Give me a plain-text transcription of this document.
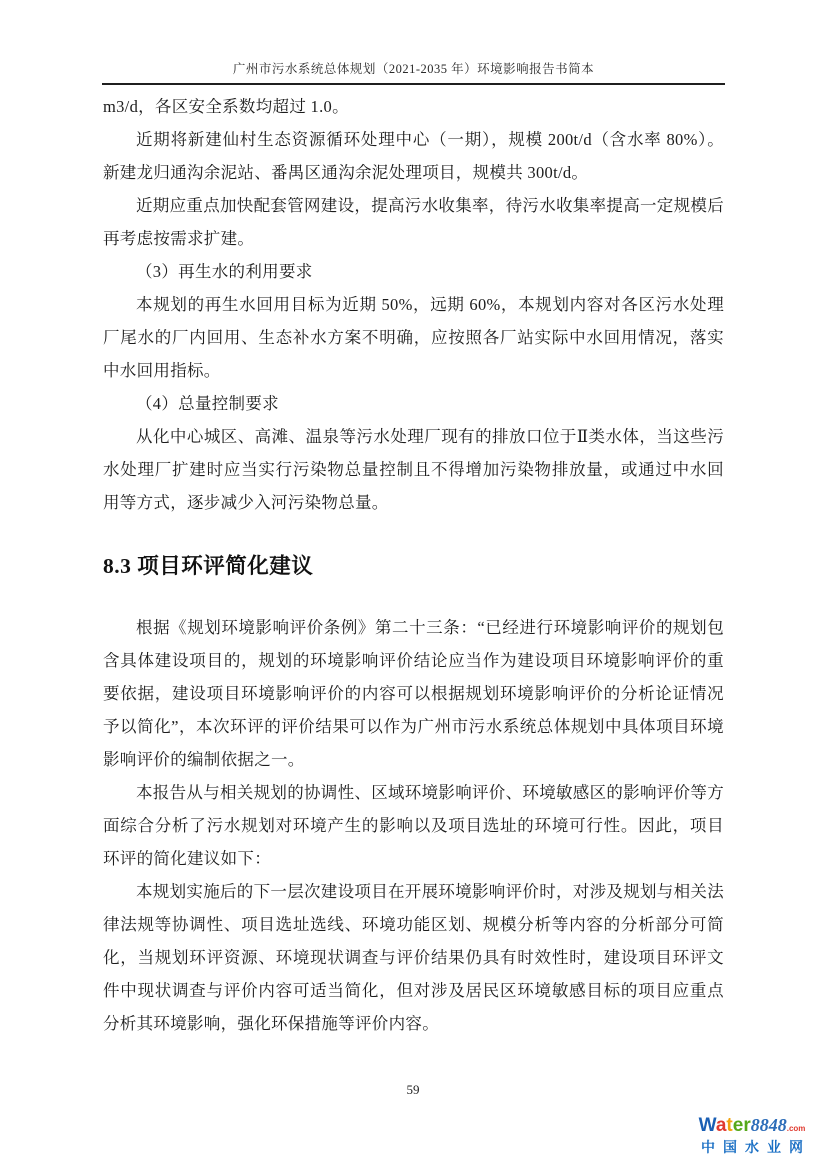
广州市污水系统总体规划（2021-2035 年）环境影响报告书简本

m3/d，各区安全系数均超过 1.0。

近期将新建仙村生态资源循环处理中心（一期），规模 200t/d（含水率 80%）。新建龙归通沟余泥站、番禺区通沟余泥处理项目，规模共 300t/d。

近期应重点加快配套管网建设，提高污水收集率，待污水收集率提高一定规模后再考虑按需求扩建。

（3）再生水的利用要求

本规划的再生水回用目标为近期 50%，远期 60%，本规划内容对各区污水处理厂尾水的厂内回用、生态补水方案不明确，应按照各厂站实际中水回用情况，落实中水回用指标。

（4）总量控制要求

从化中心城区、高滩、温泉等污水处理厂现有的排放口位于Ⅱ类水体，当这些污水处理厂扩建时应当实行污染物总量控制且不得增加污染物排放量，或通过中水回用等方式，逐步减少入河污染物总量。

8.3 项目环评简化建议

根据《规划环境影响评价条例》第二十三条：“已经进行环境影响评价的规划包含具体建设项目的，规划的环境影响评价结论应当作为建设项目环境影响评价的重要依据，建设项目环境影响评价的内容可以根据规划环境影响评价的分析论证情况予以简化”，本次环评的评价结果可以作为广州市污水系统总体规划中具体项目环境影响评价的编制依据之一。

本报告从与相关规划的协调性、区域环境影响评价、环境敏感区的影响评价等方面综合分析了污水规划对环境产生的影响以及项目选址的环境可行性。因此，项目环评的简化建议如下：

本规划实施后的下一层次建设项目在开展环境影响评价时，对涉及规划与相关法律法规等协调性、项目选址选线、环境功能区划、规模分析等内容的分析部分可简化，当规划环评资源、环境现状调查与评价结果仍具有时效性时，建设项目环评文件中现状调查与评价内容可适当简化，但对涉及居民区环境敏感目标的项目应重点分析其环境影响，强化环保措施等评价内容。

59
Water8848.com
中国水业网
